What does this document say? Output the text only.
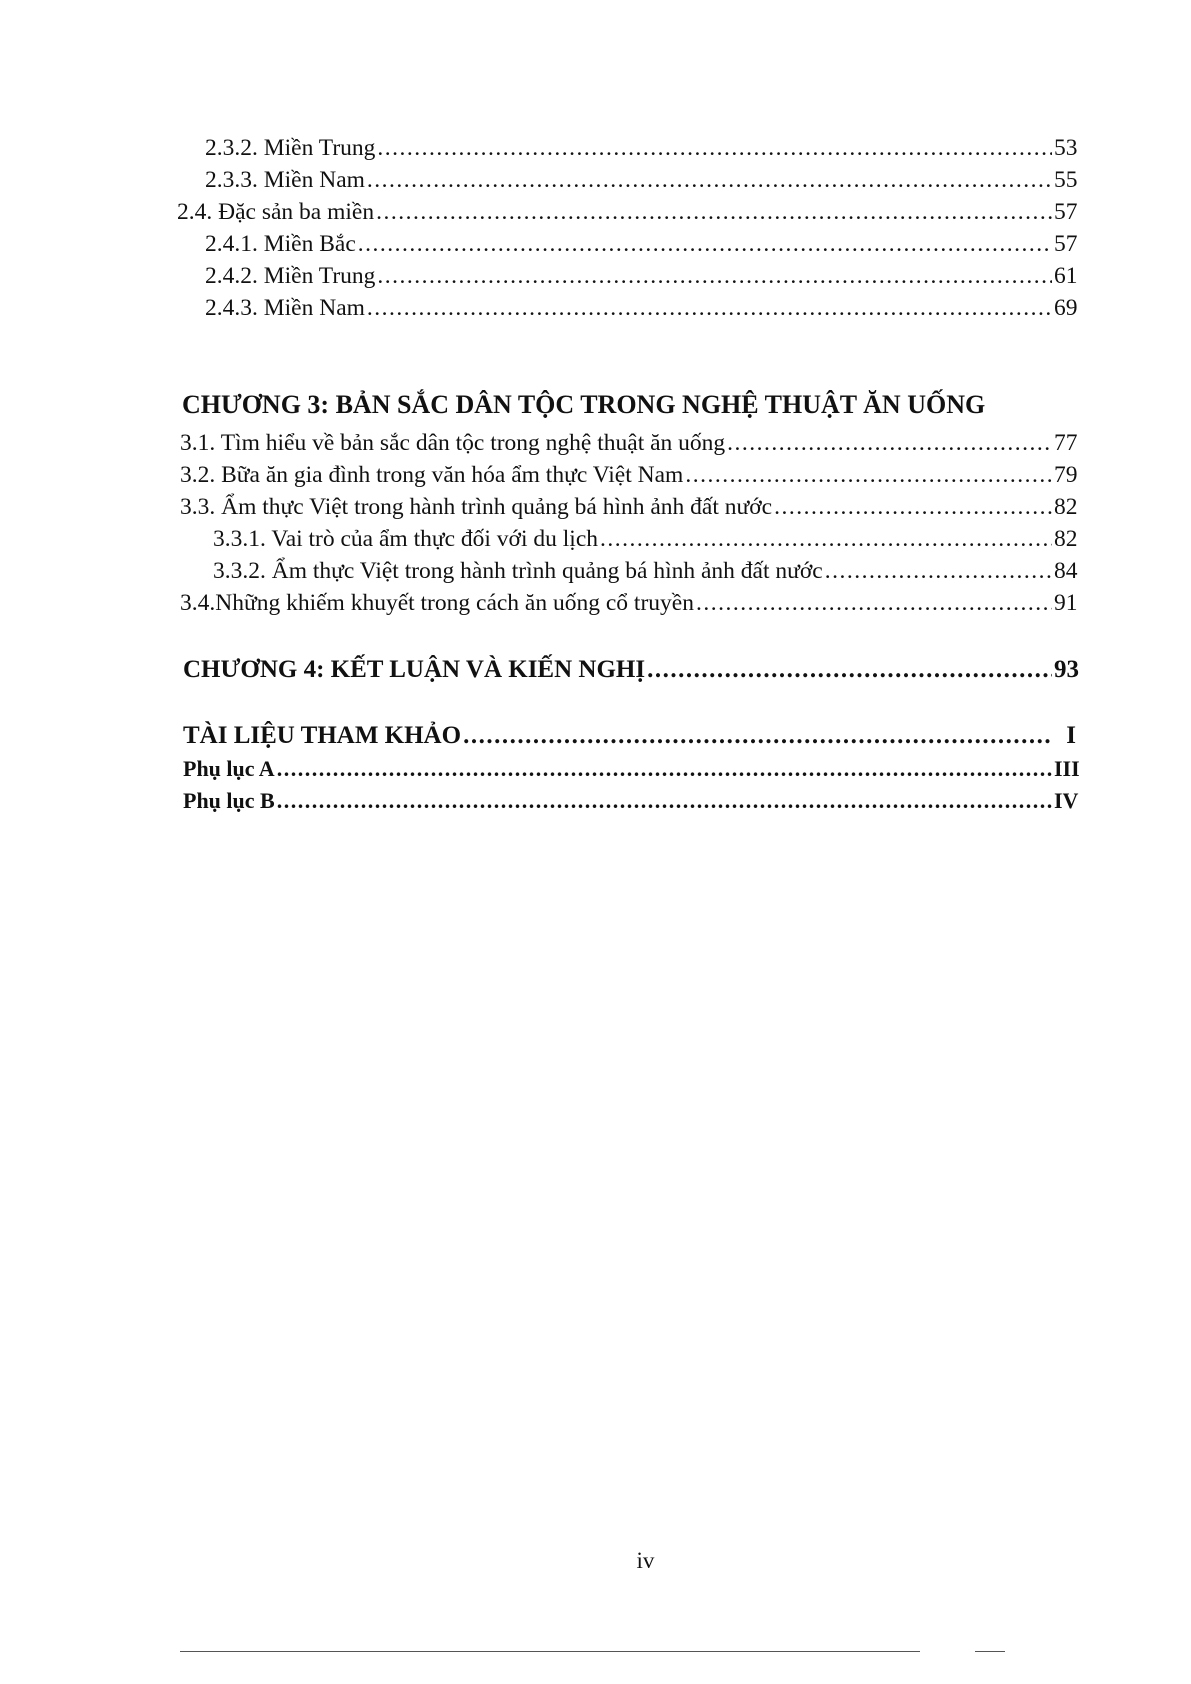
2.3.2. Miền Trung .....	53
2.3.3. Miền Nam .....	55
2.4. Đặc sản ba miền .....	57
2.4.1. Miền Bắc .....	57
2.4.2. Miền Trung .....	61
2.4.3. Miền Nam .....	69
CHƯƠNG 3: BẢN SẮC DÂN TỘC TRONG NGHỆ THUẬT ĂN UỐNG
3.1. Tìm hiểu về bản sắc dân tộc trong nghệ thuật ăn uống .....	77
3.2. Bữa ăn gia đình trong văn hóa ẩm thực Việt Nam .....	79
3.3. Ẩm thực Việt trong hành trình quảng bá hình ảnh đất nước .....	82
3.3.1. Vai trò của ẩm thực đối với du lịch .....	82
3.3.2. Ẩm thực Việt trong hành trình quảng bá hình ảnh đất nước .....	84
3.4.Những khiếm khuyết trong cách ăn uống cổ truyền .....	91
CHƯƠNG 4: KẾT LUẬN VÀ KIẾN NGHỊ .....	93
TÀI LIỆU THAM KHẢO .....	I
Phụ lục A .....	III
Phụ lục B .....	IV
iv
